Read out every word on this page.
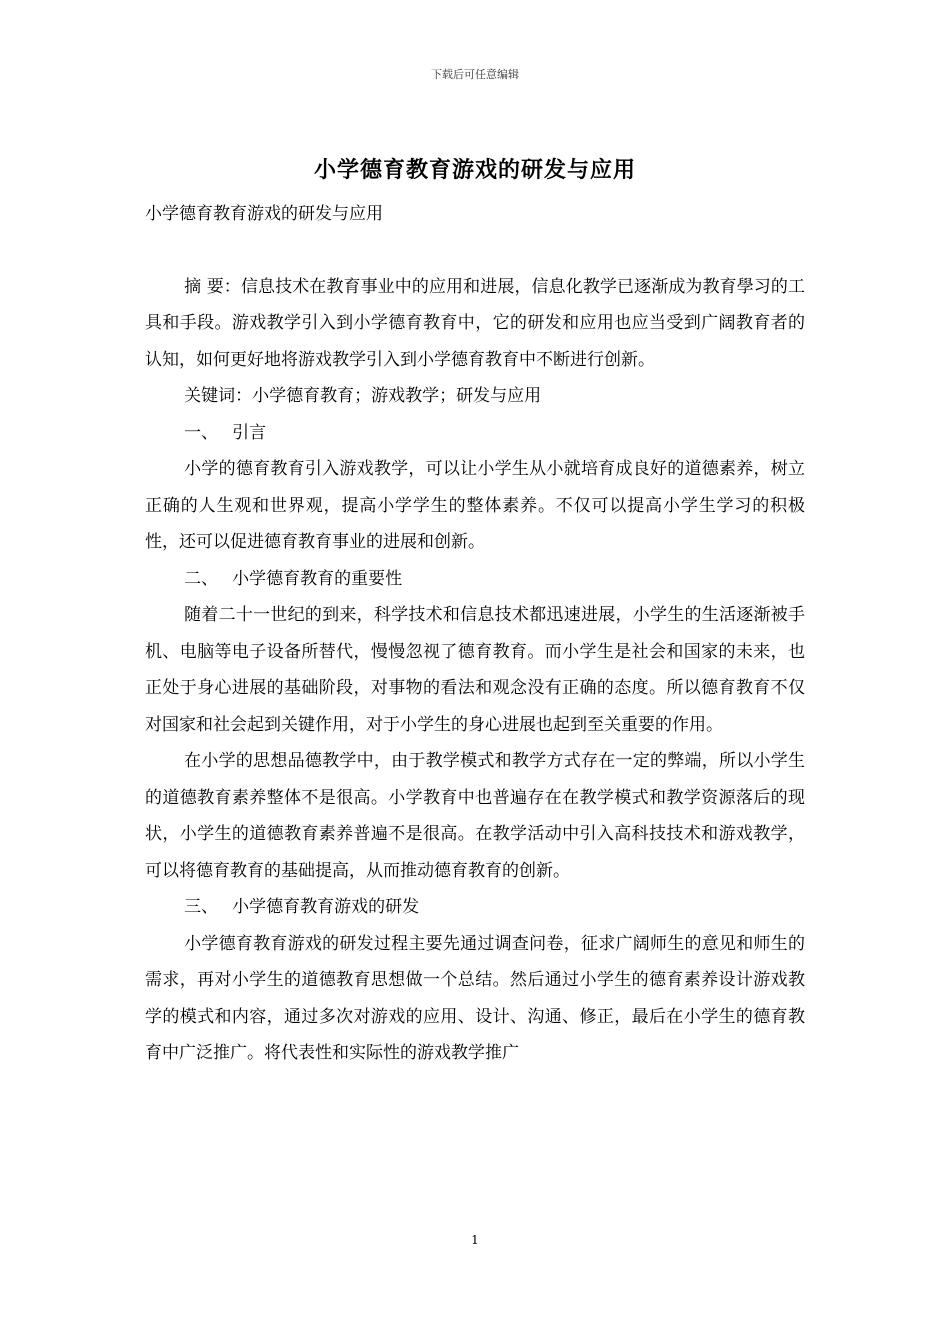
下载后可任意编辑
小学德育教育游戏的研发与应用

小学德育教育游戏的研发与应用

摘 要：信息技术在教育事业中的应用和进展，信息化教学已逐渐成为教育學习的工具和手段。游戏教学引入到小学德育教育中，它的研发和应用也应当受到广阔教育者的认知，如何更好地将游戏教学引入到小学德育教育中不断进行创新。

关键词：小学德育教育；游戏教学；研发与应用

一、 引言

小学的德育教育引入游戏教学，可以让小学生从小就培育成良好的道德素养，树立正确的人生观和世界观，提高小学学生的整体素养。不仅可以提高小学生学习的积极性，还可以促进德育教育事业的进展和创新。

二、 小学德育教育的重要性

随着二十一世纪的到来，科学技术和信息技术都迅速进展，小学生的生活逐渐被手机、电脑等电子设备所替代，慢慢忽视了德育教育。而小学生是社会和国家的未来，也正处于身心进展的基础阶段，对事物的看法和观念没有正确的态度。所以德育教育不仅对国家和社会起到关键作用，对于小学生的身心进展也起到至关重要的作用。

在小学的思想品德教学中，由于教学模式和教学方式存在一定的弊端，所以小学生的道德教育素养整体不是很高。小学教育中也普遍存在在教学模式和教学资源落后的现状，小学生的道德教育素养普遍不是很高。在教学活动中引入高科技技术和游戏教学，可以将德育教育的基础提高，从而推动德育教育的创新。

三、 小学德育教育游戏的研发

小学德育教育游戏的研发过程主要先通过调查问卷，征求广阔师生的意见和师生的需求，再对小学生的道德教育思想做一个总结。然后通过小学生的德育素养设计游戏教学的模式和内容，通过多次对游戏的应用、设计、沟通、修正，最后在小学生的德育教育中广泛推广。将代表性和实际性的游戏教学推广

1
